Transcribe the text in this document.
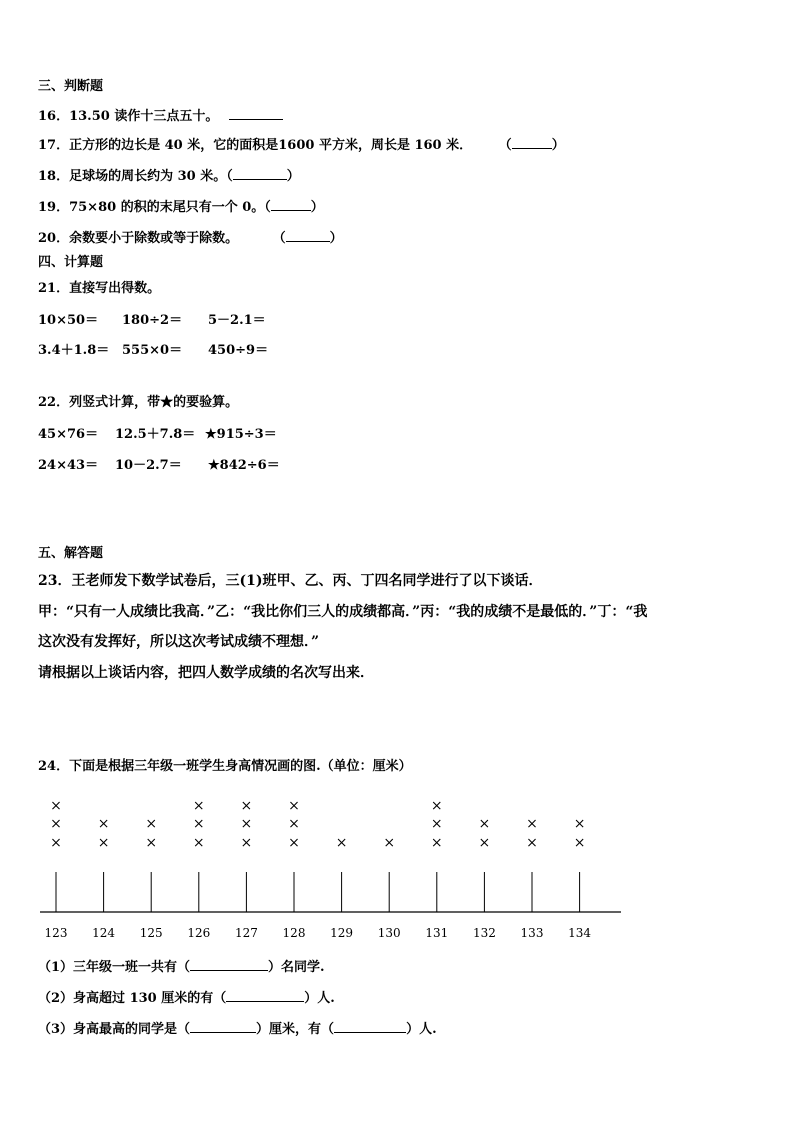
三、判断题
16．13.50 读作十三点五十。
17．正方形的边长是 40 米，它的面积是1600 平方米，周长是 160 米． （	）
18．足球场的周长约为 30 米。（	）
19．75×80 的积的末尾只有一个 0。（	）
20．余数要小于除数或等于除数。	（	）
四、计算题
21．直接写出得数。
10×50＝ 180÷2＝ 5－2.1＝
3.4＋1.8＝ 555×0＝ 450÷9＝
22．列竖式计算，带★的要验算。
45×76＝ 12.5＋7.8＝ ★915÷3＝
24×43＝ 10－2.7＝ ★842÷6＝
五、解答题
23．王老师发下数学试卷后，三(1)班甲、乙、丙、丁四名同学进行了以下谈话．
甲：“只有一人成绩比我高．”乙：“我比你们三人的成绩都高．”丙：“我的成绩不是最低的．”丁：“我
这次没有发挥好，所以这次考试成绩不理想．”
请根据以上谈话内容，把四人数学成绩的名次写出来．
24．下面是根据三年级一班学生身高情况画的图.（单位：厘米）
123
×
×
×
124
×
×
125
×
×
126
×
×
×
127
×
×
×
128
×
×
×
129
×
130
×
131
×
×
×
132
×
×
133
×
×
134
×
×
（1）三年级一班一共有（	）名同学.
（2）身高超过 130 厘米的有（	）人.
（3）身高最高的同学是（	）厘米，有（	）人.
